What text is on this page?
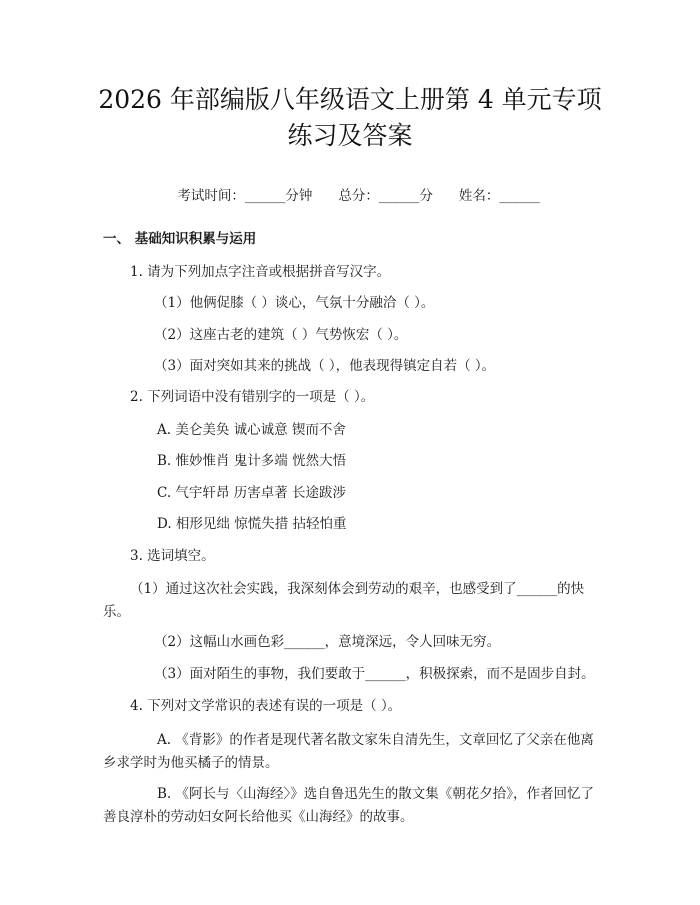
2026 年部编版八年级语文上册第 4 单元专项
练习及答案

考试时间：______分钟 总分：______分 姓名：______

一、 基础知识积累与运用
1. 请为下列加点字注音或根据拼音写汉字。
（1）他俩促膝（ ）谈心，气氛十分融洽（ ）。
（2）这座古老的建筑（ ）气势恢宏（ ）。
（3）面对突如其来的挑战（ ），他表现得镇定自若（ ）。
2. 下列词语中没有错别字的一项是（ ）。
A. 美仑美奂 诚心诚意 锲而不舍
B. 惟妙惟肖 鬼计多端 恍然大悟
C. 气宇轩昂 历害卓著 长途跋涉
D. 相形见绌 惊慌失措 拈轻怕重
3. 选词填空。
（1）通过这次社会实践，我深刻体会到劳动的艰辛，也感受到了______的快乐。
（2）这幅山水画色彩______，意境深远，令人回味无穷。
（3）面对陌生的事物，我们要敢于______，积极探索，而不是固步自封。
4. 下列对文学常识的表述有误的一项是（ ）。
A. 《背影》的作者是现代著名散文家朱自清先生，文章回忆了父亲在他离乡求学时为他买橘子的情景。
B. 《阿长与〈山海经〉》选自鲁迅先生的散文集《朝花夕拾》，作者回忆了善良淳朴的劳动妇女阿长给他买《山海经》的故事。
